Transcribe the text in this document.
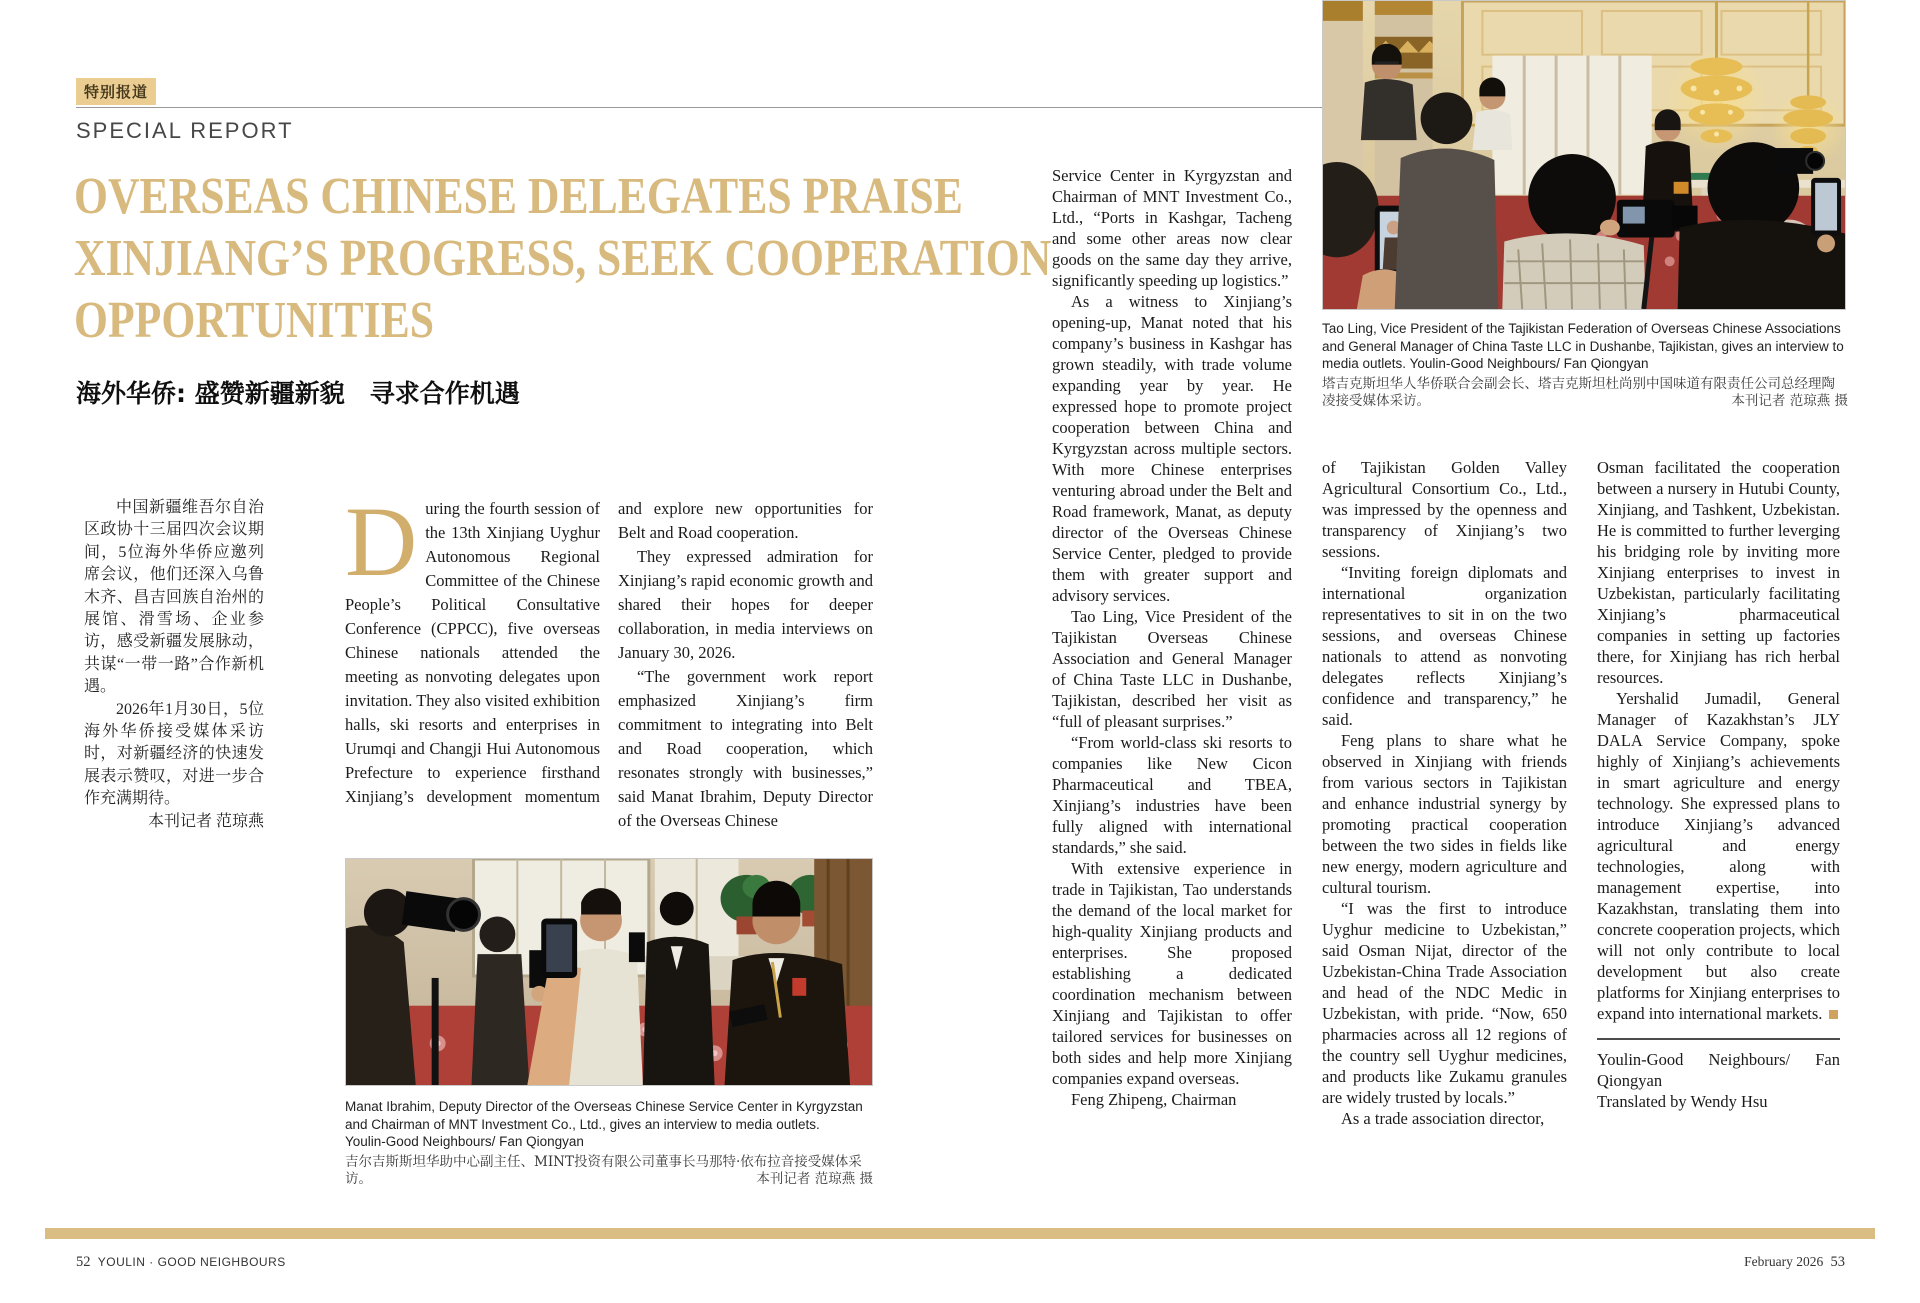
特别报道
SPECIAL REPORT
OVERSEAS CHINESE DELEGATES PRAISE
XINJIANG’S PROGRESS, SEEK COOPERATION
OPPORTUNITIES
海外华侨: 盛赞新疆新貌　寻求合作机遇

中国新疆维吾尔自治区政协十三届四次会议期间，5位海外华侨应邀列席会议，他们还深入乌鲁木齐、昌吉回族自治州的展馆、滑雪场、企业参访，感受新疆发展脉动，共谋“一带一路”合作新机遇。

2026年1月30日，5位海外华侨接受媒体采访时，对新疆经济的快速发展表示赞叹，对进一步合作充满期待。

本刊记者 范琼燕

During the fourth session of the 13th Xinjiang Uyghur Autonomous Regional Committee of the Chinese People’s Political Consultative Conference (CPPCC), five overseas Chinese nationals attended the meeting as nonvoting delegates upon invitation. They also visited exhibition halls, ski resorts and enterprises in Urumqi and Changji Hui Autonomous Prefecture to experience firsthand Xinjiang’s development momentum and explore new opportunities for Belt and Road cooperation.

They expressed admiration for Xinjiang’s rapid economic growth and shared their hopes for deeper collaboration, in media interviews on January 30, 2026.

“The government work report emphasized Xinjiang’s firm commitment to integrating into Belt and Road cooperation, which resonates strongly with businesses,” said Manat Ibrahim, Deputy Director of the Overseas Chinese

Manat Ibrahim, Deputy Director of the Overseas Chinese Service Center in Kyrgyzstan and Chairman of MNT Investment Co., Ltd., gives an interview to media outlets.
Youlin-Good Neighbours/ Fan Qiongyan
吉尔吉斯斯坦华助中心副主任、MINT投资有限公司董事长马那特·依布拉音接受媒体采访。	本刊记者 范琼燕 摄
Tao Ling, Vice President of the Tajikistan Federation of Overseas Chinese Associations and General Manager of China Taste LLC in Dushanbe, Tajikistan, gives an interview to media outlets. Youlin-Good Neighbours/ Fan Qiongyan
塔吉克斯坦华人华侨联合会副会长、塔吉克斯坦杜尚别中国味道有限责任公司总经理陶凌接受媒体采访。	本刊记者 范琼燕 摄

Service Center in Kyrgyzstan and Chairman of MNT Investment Co., Ltd., “Ports in Kashgar, Tacheng and some other areas now clear goods on the same day they arrive, significantly speeding up logistics.”

As a witness to Xinjiang’s opening-up, Manat noted that his company’s business in Kashgar has grown steadily, with trade volume expanding year by year. He expressed hope to promote project cooperation between China and Kyrgyzstan across multiple sectors. With more Chinese enterprises venturing abroad under the Belt and Road framework, Manat, as deputy director of the Overseas Chinese Service Center, pledged to provide them with greater support and advisory services.

Tao Ling, Vice President of the Tajikistan Overseas Chinese Association and General Manager of China Taste LLC in Dushanbe, Tajikistan, described her visit as “full of pleasant surprises.”

“From world-class ski resorts to companies like New Cicon Pharmaceutical and TBEA, Xinjiang’s industries have been fully aligned with international standards,” she said.

With extensive experience in trade in Tajikistan, Tao understands the demand of the local market for high-quality Xinjiang products and enterprises. She proposed establishing a dedicated coordination mechanism between Xinjiang and Tajikistan to offer tailored services for businesses on both sides and help more Xinjiang companies expand overseas.

Feng Zhipeng, Chairman

of Tajikistan Golden Valley Agricultural Consortium Co., Ltd., was impressed by the openness and transparency of Xinjiang’s two sessions.

“Inviting foreign diplomats and international organization representatives to sit in on the two sessions, and overseas Chinese nationals to attend as nonvoting delegates reflects Xinjiang’s confidence and transparency,” he said.

Feng plans to share what he observed in Xinjiang with friends from various sectors in Tajikistan and enhance industrial synergy by promoting practical cooperation between the two sides in fields like new energy, modern agriculture and cultural tourism.

“I was the first to introduce Uyghur medicine to Uzbekistan,” said Osman Nijat, director of the Uzbekistan-China Trade Association and head of the NDC Medic in Uzbekistan, with pride. “Now, 650 pharmacies across all 12 regions of the country sell Uyghur medicines, and products like Zukamu granules are widely trusted by locals.”

As a trade association director,

Osman facilitated the cooperation between a nursery in Hutubi County, Xinjiang, and Tashkent, Uzbekistan. He is committed to further leverging his bridging role by inviting more Xinjiang enterprises to invest in Uzbekistan, particularly facilitating Xinjiang’s pharmaceutical companies in setting up factories there, for Xinjiang has rich herbal resources.

Yershalid Jumadil, General Manager of Kazakhstan’s JLY DALA Service Company, spoke highly of Xinjiang’s achievements in smart agriculture and energy technology. She expressed plans to introduce Xinjiang’s advanced agricultural and energy technologies, along with management expertise, into Kazakhstan, translating them into concrete cooperation projects, which will not only contribute to local development but also create platforms for Xinjiang enterprises to expand into international markets.

Youlin-Good Neighbours/ Fan Qiongyan

Translated by Wendy Hsu

52 YOULIN · GOOD NEIGHBOURS	February 2026 53
